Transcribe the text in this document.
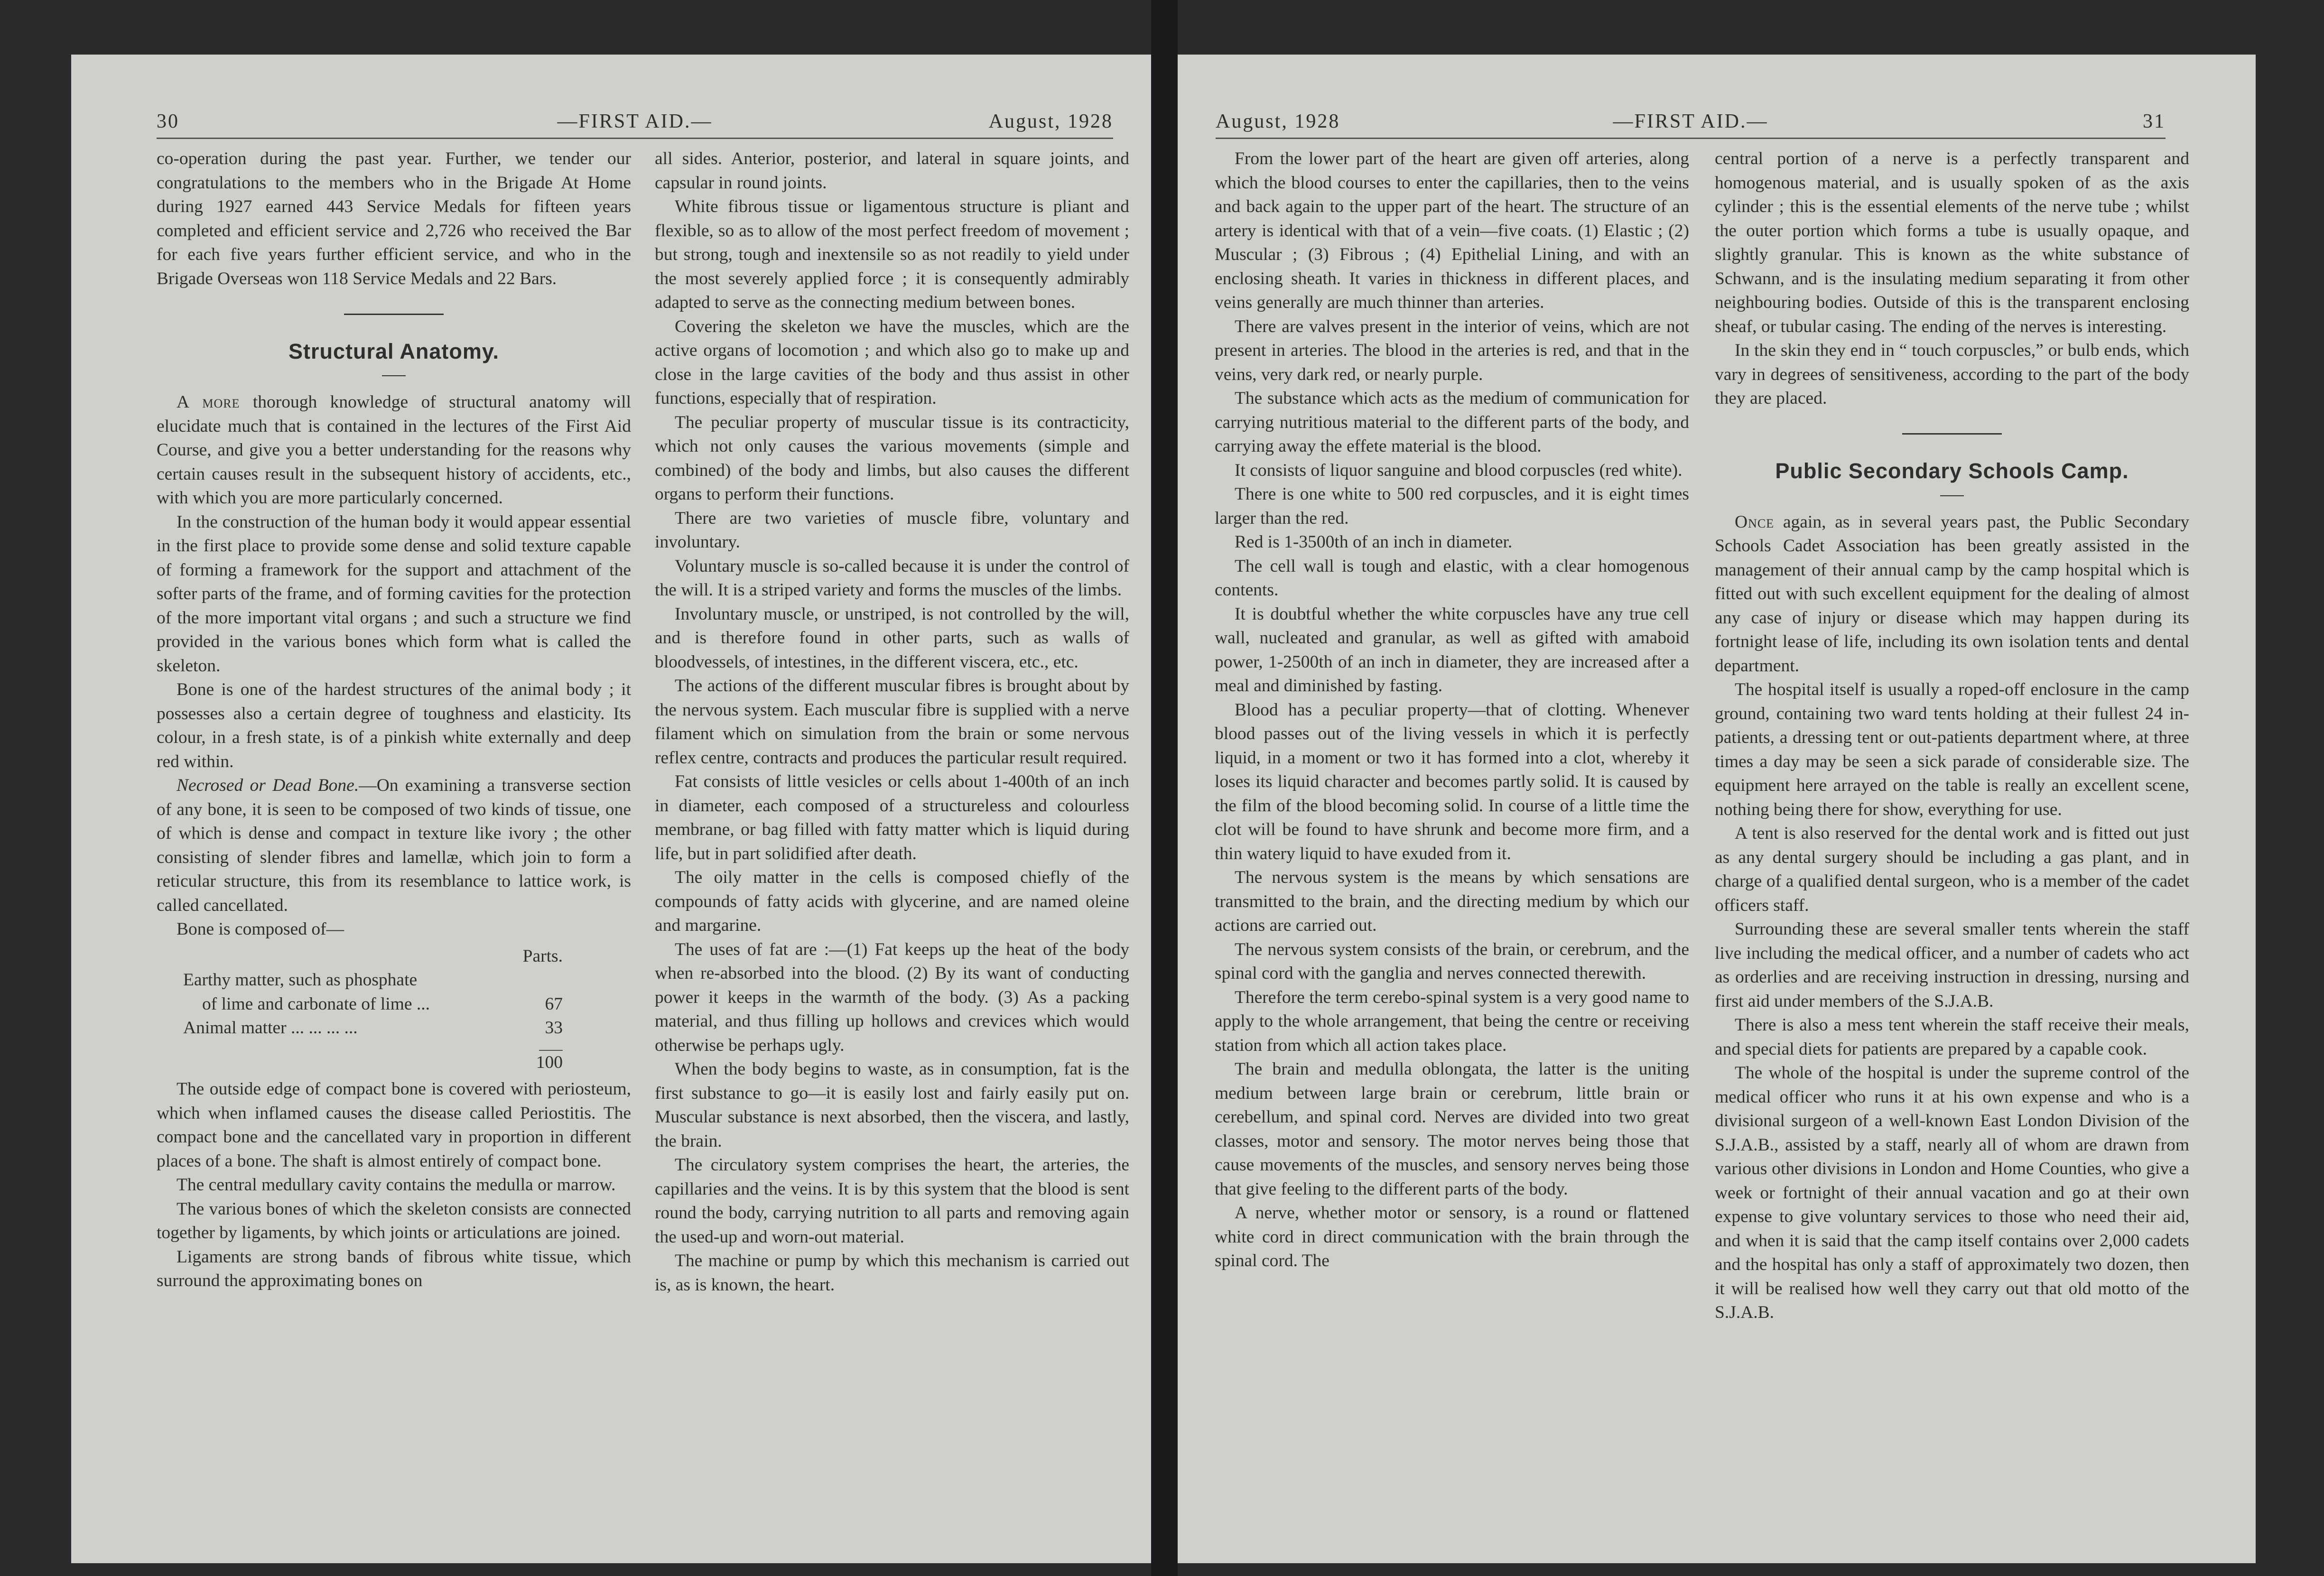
30	—FIRST AID.—	August, 1928

co-operation during the past year. Further, we tender our congratulations to the members who in the Brigade At Home during 1927 earned 443 Service Medals for fifteen years completed and efficient service and 2,726 who received the Bar for each five years further efficient service, and who in the Brigade Overseas won 118 Service Medals and 22 Bars.

Structural Anatomy.

A more thorough knowledge of structural anatomy will elucidate much that is contained in the lectures of the First Aid Course, and give you a better understanding for the reasons why certain causes result in the subsequent history of accidents, etc., with which you are more particularly concerned.

In the construction of the human body it would appear essential in the first place to provide some dense and solid texture capable of forming a framework for the support and attachment of the softer parts of the frame, and of forming cavities for the protection of the more important vital organs ; and such a structure we find provided in the various bones which form what is called the skeleton.

Bone is one of the hardest structures of the animal body ; it possesses also a certain degree of toughness and elasticity. Its colour, in a fresh state, is of a pinkish white externally and deep red within.

Necrosed or Dead Bone.—On examining a transverse section of any bone, it is seen to be composed of two kinds of tissue, one of which is dense and compact in texture like ivory ; the other consisting of slender fibres and lamellæ, which join to form a reticular structure, this from its resemblance to lattice work, is called cancellated.

Bone is composed of—

	Parts.
Earthy matter, such as phosphate	
of lime and carbonate of lime ...	67
Animal matter ... ... ... ...	33

	100

The outside edge of compact bone is covered with periosteum, which when inflamed causes the disease called Periostitis. The compact bone and the cancellated vary in proportion in different places of a bone. The shaft is almost entirely of compact bone.

The central medullary cavity contains the medulla or marrow.

The various bones of which the skeleton consists are connected together by ligaments, by which joints or articulations are joined.

Ligaments are strong bands of fibrous white tissue, which surround the approximating bones on

all sides. Anterior, posterior, and lateral in square joints, and capsular in round joints.

White fibrous tissue or ligamentous structure is pliant and flexible, so as to allow of the most perfect freedom of movement ; but strong, tough and inextensile so as not readily to yield under the most severely applied force ; it is consequently admirably adapted to serve as the connecting medium between bones.

Covering the skeleton we have the muscles, which are the active organs of locomotion ; and which also go to make up and close in the large cavities of the body and thus assist in other functions, especially that of respiration.

The peculiar property of muscular tissue is its contracticity, which not only causes the various movements (simple and combined) of the body and limbs, but also causes the different organs to perform their functions.

There are two varieties of muscle fibre, voluntary and involuntary.

Voluntary muscle is so-called because it is under the control of the will. It is a striped variety and forms the muscles of the limbs.

Involuntary muscle, or unstriped, is not controlled by the will, and is therefore found in other parts, such as walls of bloodvessels, of intestines, in the different viscera, etc., etc.

The actions of the different muscular fibres is brought about by the nervous system. Each muscular fibre is supplied with a nerve filament which on simulation from the brain or some nervous reflex centre, contracts and produces the particular result required.

Fat consists of little vesicles or cells about 1-400th of an inch in diameter, each composed of a structureless and colourless membrane, or bag filled with fatty matter which is liquid during life, but in part solidified after death.

The oily matter in the cells is composed chiefly of the compounds of fatty acids with glycerine, and are named oleine and margarine.

The uses of fat are :—(1) Fat keeps up the heat of the body when re-absorbed into the blood. (2) By its want of conducting power it keeps in the warmth of the body. (3) As a packing material, and thus filling up hollows and crevices which would otherwise be perhaps ugly.

When the body begins to waste, as in consumption, fat is the first substance to go—it is easily lost and fairly easily put on. Muscular substance is next absorbed, then the viscera, and lastly, the brain.

The circulatory system comprises the heart, the arteries, the capillaries and the veins. It is by this system that the blood is sent round the body, carrying nutrition to all parts and removing again the used-up and worn-out material.

The machine or pump by which this mechanism is carried out is, as is known, the heart.

August, 1928	—FIRST AID.—	31

From the lower part of the heart are given off arteries, along which the blood courses to enter the capillaries, then to the veins and back again to the upper part of the heart. The structure of an artery is identical with that of a vein—five coats. (1) Elastic ; (2) Muscular ; (3) Fibrous ; (4) Epithelial Lining, and with an enclosing sheath. It varies in thickness in different places, and veins generally are much thinner than arteries.

There are valves present in the interior of veins, which are not present in arteries. The blood in the arteries is red, and that in the veins, very dark red, or nearly purple.

The substance which acts as the medium of communication for carrying nutritious material to the different parts of the body, and carrying away the effete material is the blood.

It consists of liquor sanguine and blood corpuscles (red white).

There is one white to 500 red corpuscles, and it is eight times larger than the red.

Red is 1-3500th of an inch in diameter.

The cell wall is tough and elastic, with a clear homogenous contents.

It is doubtful whether the white corpuscles have any true cell wall, nucleated and granular, as well as gifted with amaboid power, 1-2500th of an inch in diameter, they are increased after a meal and diminished by fasting.

Blood has a peculiar property—that of clotting. Whenever blood passes out of the living vessels in which it is perfectly liquid, in a moment or two it has formed into a clot, whereby it loses its liquid character and becomes partly solid. It is caused by the film of the blood becoming solid. In course of a little time the clot will be found to have shrunk and become more firm, and a thin watery liquid to have exuded from it.

The nervous system is the means by which sensations are transmitted to the brain, and the directing medium by which our actions are carried out.

The nervous system consists of the brain, or cerebrum, and the spinal cord with the ganglia and nerves connected therewith.

Therefore the term cerebo-spinal system is a very good name to apply to the whole arrangement, that being the centre or receiving station from which all action takes place.

The brain and medulla oblongata, the latter is the uniting medium between large brain or cerebrum, little brain or cerebellum, and spinal cord. Nerves are divided into two great classes, motor and sensory. The motor nerves being those that cause movements of the muscles, and sensory nerves being those that give feeling to the different parts of the body.

A nerve, whether motor or sensory, is a round or flattened white cord in direct communication with the brain through the spinal cord. The

central portion of a nerve is a perfectly transparent and homogenous material, and is usually spoken of as the axis cylinder ; this is the essential elements of the nerve tube ; whilst the outer portion which forms a tube is usually opaque, and slightly granular. This is known as the white substance of Schwann, and is the insulating medium separating it from other neighbouring bodies. Outside of this is the transparent enclosing sheaf, or tubular casing. The ending of the nerves is interesting.

In the skin they end in “ touch corpuscles,” or bulb ends, which vary in degrees of sensitiveness, according to the part of the body they are placed.

Public Secondary Schools Camp.

Once again, as in several years past, the Public Secondary Schools Cadet Association has been greatly assisted in the management of their annual camp by the camp hospital which is fitted out with such excellent equipment for the dealing of almost any case of injury or disease which may happen during its fortnight lease of life, including its own isolation tents and dental department.

The hospital itself is usually a roped-off enclosure in the camp ground, containing two ward tents holding at their fullest 24 in-patients, a dressing tent or out-patients department where, at three times a day may be seen a sick parade of considerable size. The equipment here arrayed on the table is really an excellent scene, nothing being there for show, everything for use.

A tent is also reserved for the dental work and is fitted out just as any dental surgery should be including a gas plant, and in charge of a qualified dental surgeon, who is a member of the cadet officers staff.

Surrounding these are several smaller tents wherein the staff live including the medical officer, and a number of cadets who act as orderlies and are receiving instruction in dressing, nursing and first aid under members of the S.J.A.B.

There is also a mess tent wherein the staff receive their meals, and special diets for patients are prepared by a capable cook.

The whole of the hospital is under the supreme control of the medical officer who runs it at his own expense and who is a divisional surgeon of a well-known East London Division of the S.J.A.B., assisted by a staff, nearly all of whom are drawn from various other divisions in London and Home Counties, who give a week or fortnight of their annual vacation and go at their own expense to give voluntary services to those who need their aid, and when it is said that the camp itself contains over 2,000 cadets and the hospital has only a staff of approximately two dozen, then it will be realised how well they carry out that old motto of the S.J.A.B.
